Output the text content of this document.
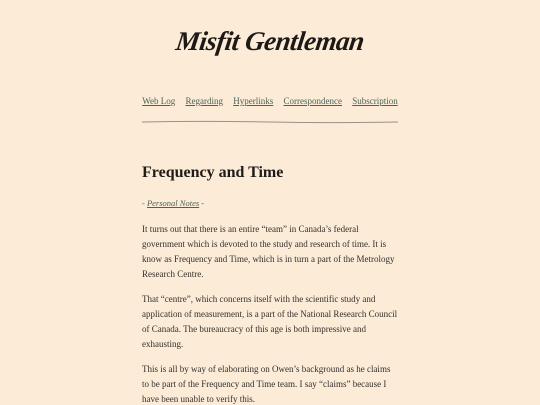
Misfit Gentleman
Web Log Regarding Hyperlinks Correspondence Subscription
Frequency and Time
- Personal Notes -

It turns out that there is an entire “team” in Canada’s federal government which is devoted to the study and research of time. It is know as Frequency and Time, which is in turn a part of the Metrology Research Centre.

That “centre”, which concerns itself with the scientific study and application of measurement, is a part of the National Research Council of Canada. The bureaucracy of this age is both impressive and exhausting.

This is all by way of elaborating on Owen’s background as he claims to be part of the Frequency and Time team. I say “claims” because I have been unable to verify this.
